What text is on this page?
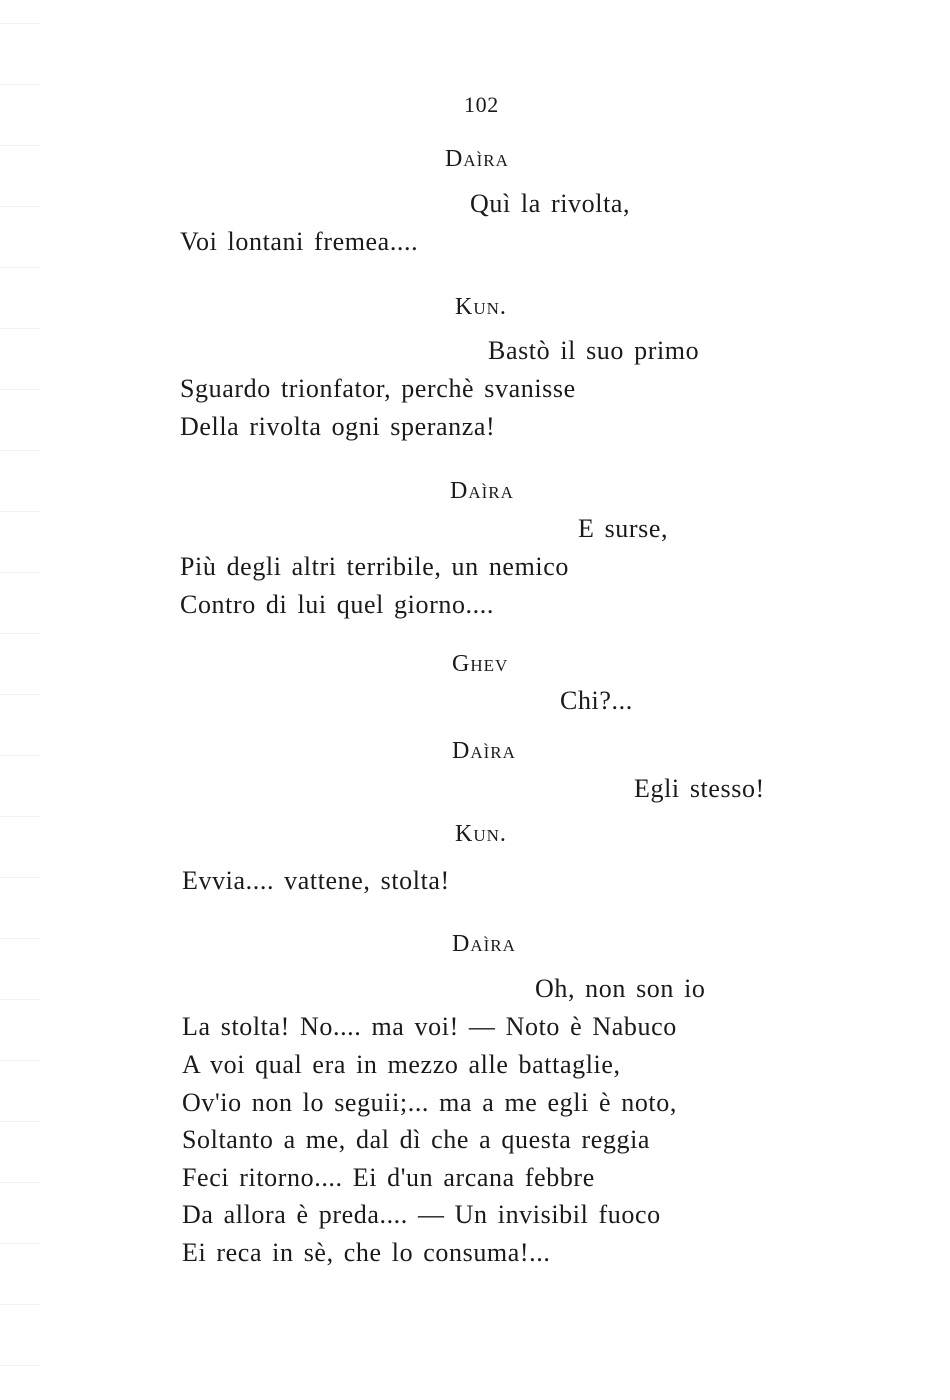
102
Daìra
Quì la rivolta,
Voi lontani fremea....
Kun.
Bastò il suo primo
Sguardo trionfator, perchè svanisse
Della rivolta ogni speranza!
Daìra
E surse,
Più degli altri terribile, un nemico
Contro di lui quel giorno....
Ghev
Chi?...
Daìra
Egli stesso!
Kun.
Evvia.... vattene, stolta!
Daìra
Oh, non son io
La stolta! No.... ma voi! — Noto è Nabuco
A voi qual era in mezzo alle battaglie,
Ov'io non lo seguii;... ma a me egli è noto,
Soltanto a me, dal dì che a questa reggia
Feci ritorno.... Ei d'un arcana febbre
Da allora è preda.... — Un invisibil fuoco
Ei reca in sè, che lo consuma!...
